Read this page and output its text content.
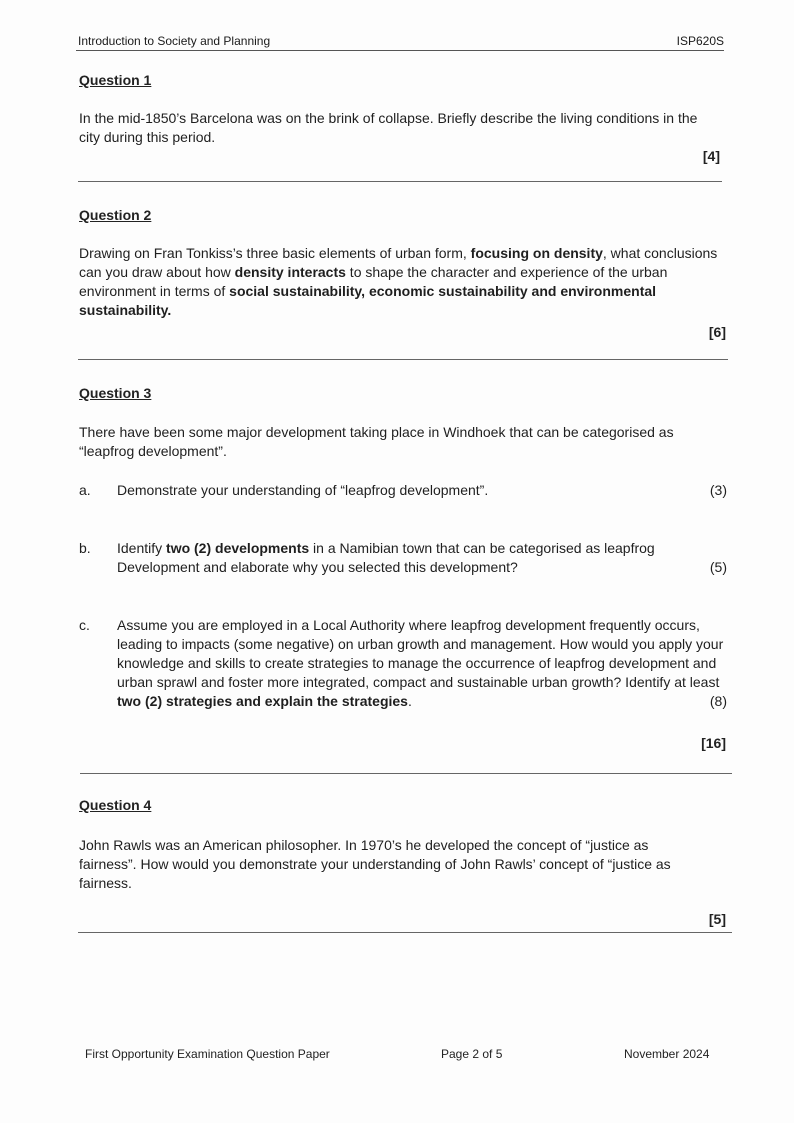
Introduction to Society and Planning	ISP620S
Question 1
In the mid-1850’s Barcelona was on the brink of collapse. Briefly describe the living conditions in the city during this period.
[4]
Question 2
Drawing on Fran Tonkiss’s three basic elements of urban form, focusing on density, what conclusions can you draw about how density interacts to shape the character and experience of the urban environment in terms of social sustainability, economic sustainability and environmental sustainability.
[6]
Question 3
There have been some major development taking place in Windhoek that can be categorised as “leapfrog development”.
a. Demonstrate your understanding of “leapfrog development”.	(3)
b. Identify two (2) developments in a Namibian town that can be categorised as leapfrog Development and elaborate why you selected this development?	(5)
c. Assume you are employed in a Local Authority where leapfrog development frequently occurs, leading to impacts (some negative) on urban growth and management. How would you apply your knowledge and skills to create strategies to manage the occurrence of leapfrog development and urban sprawl and foster more integrated, compact and sustainable urban growth? Identify at least two (2) strategies and explain the strategies.	(8)
[16]
Question 4
John Rawls was an American philosopher. In 1970’s he developed the concept of “justice as fairness”. How would you demonstrate your understanding of John Rawls’ concept of “justice as fairness.
[5]
First Opportunity Examination Question Paper	Page 2 of 5	November 2024
